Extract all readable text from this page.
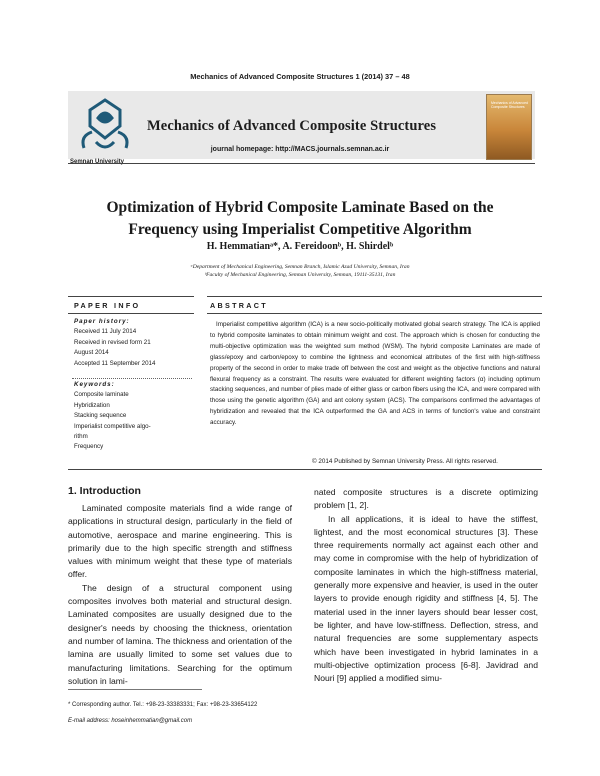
Mechanics of Advanced Composite Structures 1 (2014) 37 – 48
Semnan University
Mechanics of Advanced Composite Structures
journal homepage: http://MACS.journals.semnan.ac.ir
Mechanics of Advanced Composite Structures
Optimization of Hybrid Composite Laminate Based on the
Frequency using Imperialist Competitive Algorithm
H. Hemmatianᵃ*, A. Fereidoonᵇ, H. Shirdelᵇ
ᵃDepartment of Mechanical Engineering, Semnan Branch, Islamic Azad University, Semnan, Iran
ᵇFaculty of Mechanical Engineering, Semnan University, Semnan, 19111-35131, Iran
PAPER INFO	ABSTRACT
Paper history:
Received 11 July 2014
Received in revised form 21
August 2014
Accepted 11 September 2014
Keywords:
Composite laminate
Hybridization
Stacking sequence
Imperialist competitive algo-
rithm
Frequency
Imperialist competitive algorithm (ICA) is a new socio-politically motivated global search strategy. The ICA is applied to hybrid composite laminates to obtain minimum weight and cost. The approach which is chosen for conducting the multi-objective optimization was the weighted sum method (WSM). The hybrid composite Laminates are made of glass/epoxy and carbon/epoxy to combine the lightness and economical attributes of the first with high-stiffness property of the second in order to make trade off between the cost and weight as the objective functions and natural flexural frequency as a constraint. The results were evaluated for different weighting factors (α) including optimum stacking sequences, and number of plies made of either glass or carbon fibers using the ICA, and were compared with those using the genetic algorithm (GA) and ant colony system (ACS). The comparisons confirmed the advantages of hybridization and revealed that the ICA outperformed the GA and ACS in terms of function's value and constraint accuracy.
© 2014 Published by Semnan University Press. All rights reserved.
1. Introduction

Laminated composite materials find a wide range of applications in structural design, particularly in the field of automotive, aerospace and marine engineering. This is primarily due to the high specific strength and stiffness values with minimum weight that these type of materials offer.

The design of a structural component using composites involves both material and structural design. Laminated composites are usually designed due to the designer's needs by choosing the thickness, orientation and number of lamina. The thickness and orientation of the lamina are usually limited to some set values due to manufacturing limitations. Searching for the optimum solution in lami-

nated composite structures is a discrete optimizing problem [1, 2].

In all applications, it is ideal to have the stiffest, lightest, and the most economical structures [3]. These three requirements normally act against each other and may come in compromise with the help of hybridization of composite laminates in which the high-stiffness material, generally more expensive and heavier, is used in the outer layers to provide enough rigidity and stiffness [4, 5]. The material used in the inner layers should bear lesser cost, be lighter, and have low-stiffness. Deflection, stress, and natural frequencies are some supplementary aspects which have been investigated in hybrid laminates in a multi-objective optimization process [6-8]. Javidrad and Nouri [9] applied a modified simu-

* Corresponding author. Tel.: +98-23-33383331; Fax: +98-23-33654122
E-mail address: hoseinhemmatian@gmail.com
